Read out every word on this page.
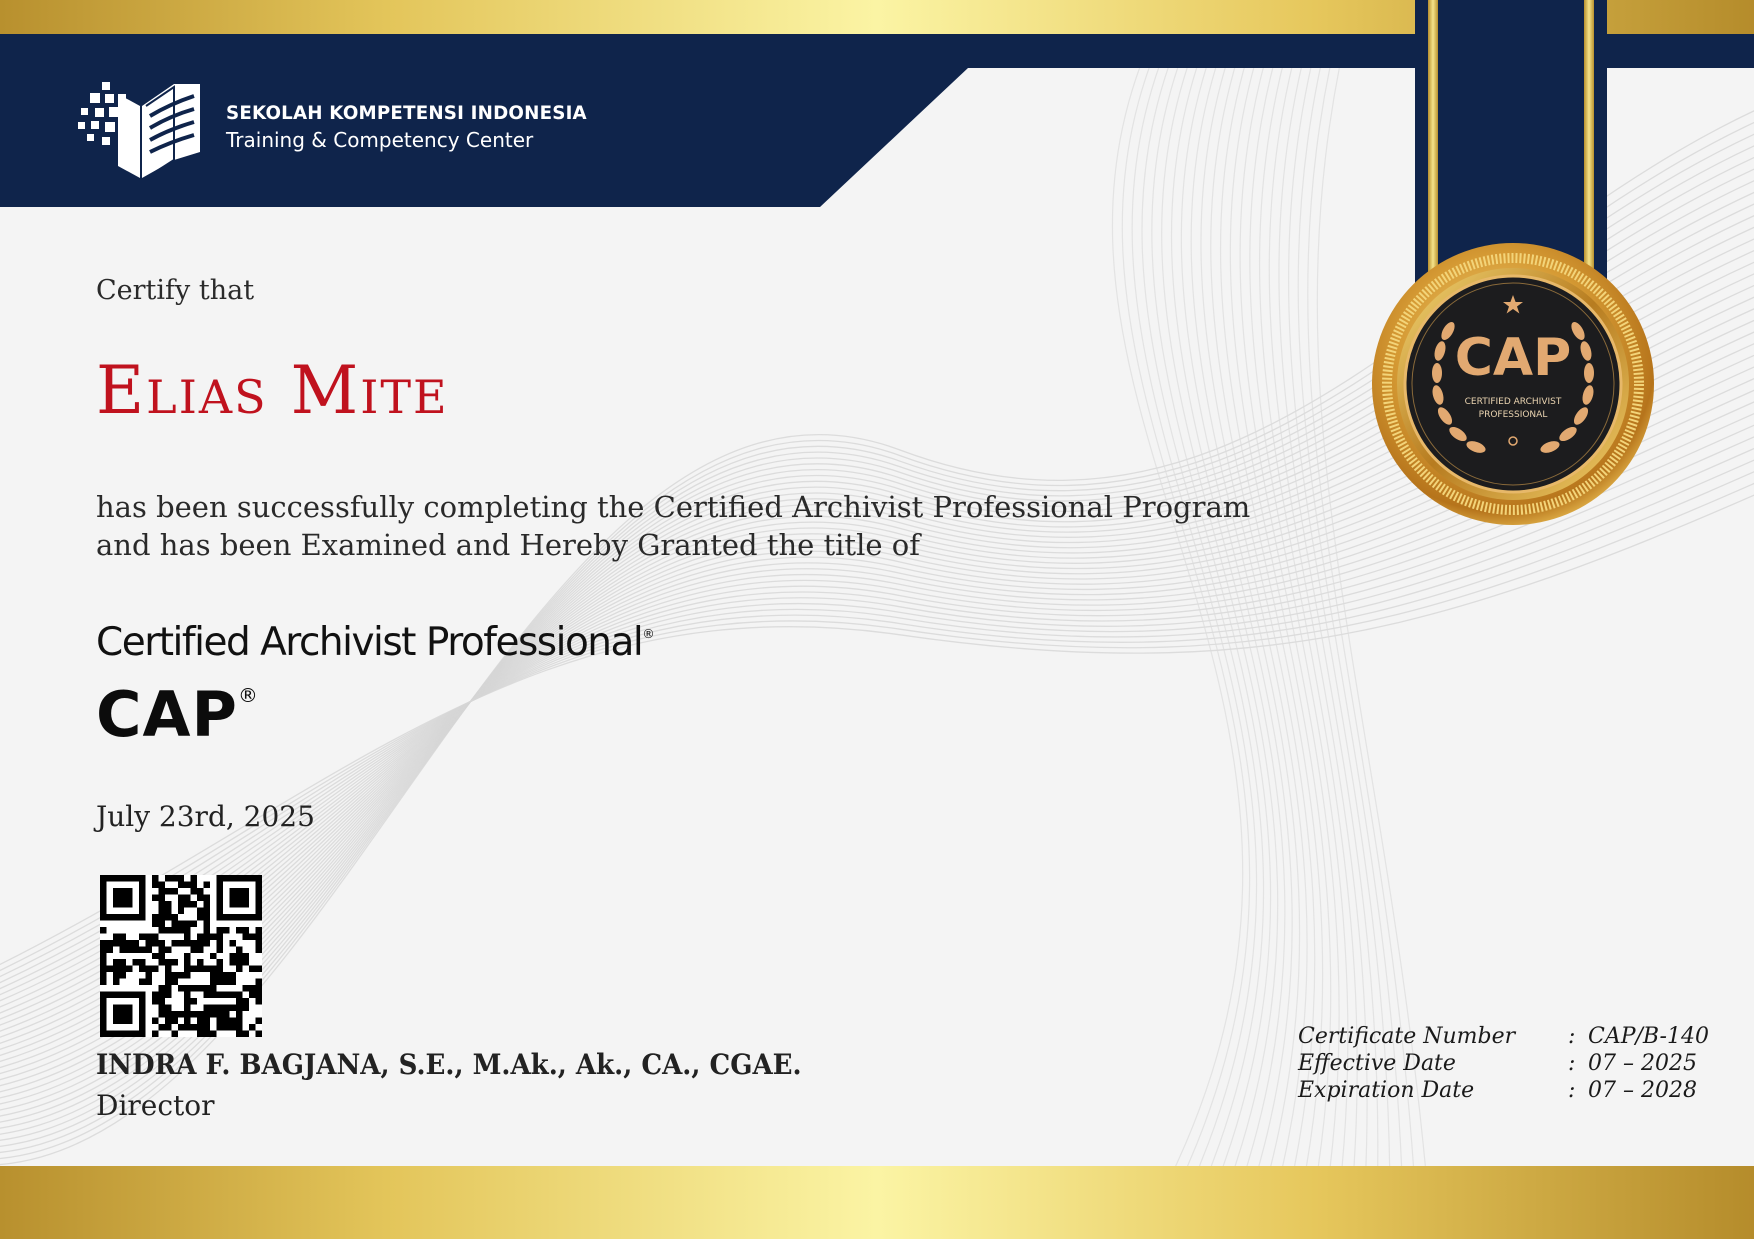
SEKOLAH KOMPETENSI INDONESIA
Training & Competency Center
CAP
CERTIFIED ARCHIVIST
PROFESSIONAL
Certify that
Elias Mite
has been successfully completing the Certified Archivist Professional Program
and has been Examined and Hereby Granted the title of
Certified Archivist Professional®
CAP®
July 23rd, 2025
INDRA F. BAGJANA, S.E., M.Ak., Ak., CA., CGAE.
Director
Certificate Number	: CAP/B-140
Effective Date	: 07 – 2025
Expiration Date	: 07 – 2028
